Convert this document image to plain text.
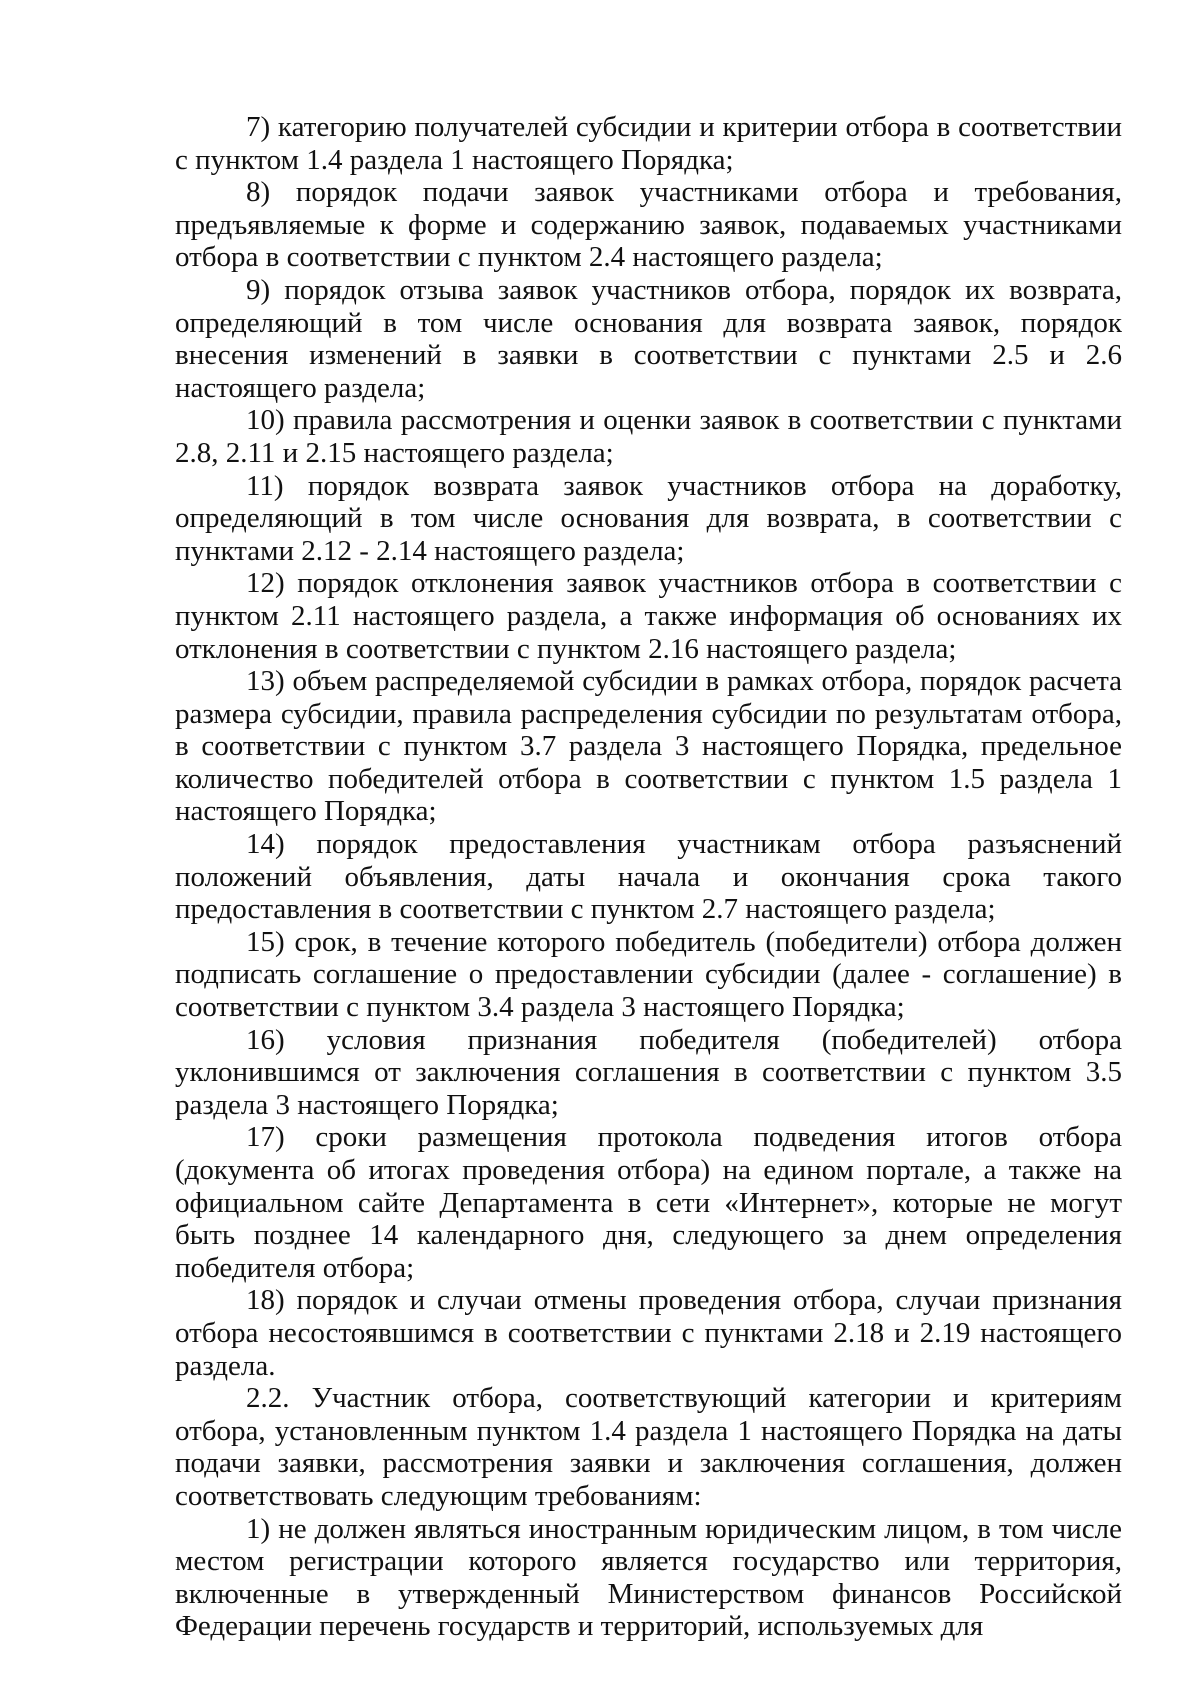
7) категорию получателей субсидии и критерии отбора в соответствии с пунктом 1.4 раздела 1 настоящего Порядка;

8) порядок подачи заявок участниками отбора и требования, предъявляемые к форме и содержанию заявок, подаваемых участниками отбора в соответствии с пунктом 2.4 настоящего раздела;

9) порядок отзыва заявок участников отбора, порядок их возврата, определяющий в том числе основания для возврата заявок, порядок внесения изменений в заявки в соответствии с пунктами 2.5 и 2.6 настоящего раздела;

10) правила рассмотрения и оценки заявок в соответствии с пунктами 2.8, 2.11 и 2.15 настоящего раздела;

11) порядок возврата заявок участников отбора на доработку, определяющий в том числе основания для возврата, в соответствии с пунктами 2.12 - 2.14 настоящего раздела;

12) порядок отклонения заявок участников отбора в соответствии с пунктом 2.11 настоящего раздела, а также информация об основаниях их отклонения в соответствии с пунктом 2.16 настоящего раздела;

13) объем распределяемой субсидии в рамках отбора, порядок расчета размера субсидии, правила распределения субсидии по результатам отбора, в соответствии с пунктом 3.7 раздела 3 настоящего Порядка, предельное количество победителей отбора в соответствии с пунктом 1.5 раздела 1 настоящего Порядка;

14) порядок предоставления участникам отбора разъяснений положений объявления, даты начала и окончания срока такого предоставления в соответствии с пунктом 2.7 настоящего раздела;

15) срок, в течение которого победитель (победители) отбора должен подписать соглашение о предоставлении субсидии (далее - соглашение) в соответствии с пунктом 3.4 раздела 3 настоящего Порядка;

16) условия признания победителя (победителей) отбора уклонившимся от заключения соглашения в соответствии с пунктом 3.5 раздела 3 настоящего Порядка;

17) сроки размещения протокола подведения итогов отбора (документа об итогах проведения отбора) на едином портале, а также на официальном сайте Департамента в сети «Интернет», которые не могут быть позднее 14 календарного дня, следующего за днем определения победителя отбора;

18) порядок и случаи отмены проведения отбора, случаи признания отбора несостоявшимся в соответствии с пунктами 2.18 и 2.19 настоящего раздела.

2.2. Участник отбора, соответствующий категории и критериям отбора, установленным пунктом 1.4 раздела 1 настоящего Порядка на даты подачи заявки, рассмотрения заявки и заключения соглашения, должен соответствовать следующим требованиям:

1) не должен являться иностранным юридическим лицом, в том числе местом регистрации которого является государство или территория, включенные в утвержденный Министерством финансов Российской Федерации перечень государств и территорий, используемых для
